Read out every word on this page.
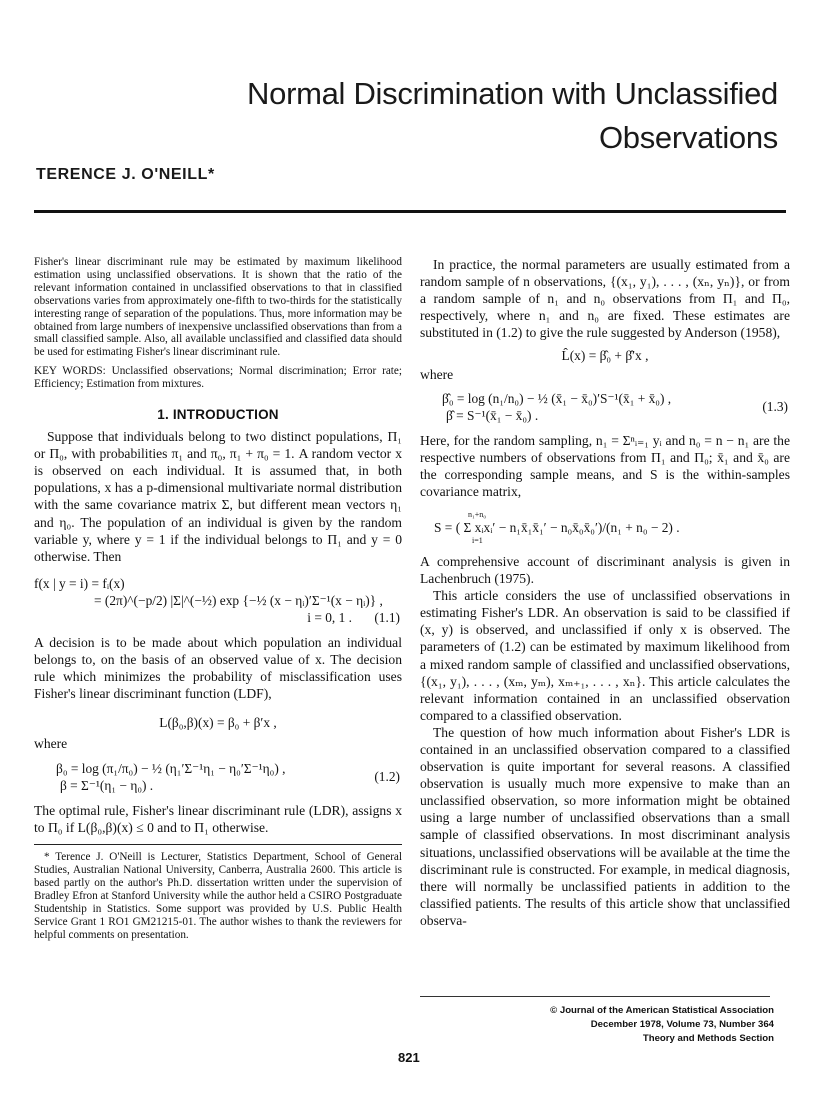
Normal Discrimination with Unclassified
Observations
TERENCE J. O'NEILL*

Fisher's linear discriminant rule may be estimated by maximum likelihood estimation using unclassified observations. It is shown that the ratio of the relevant information contained in unclassified observations to that in classified observations varies from approximately one-fifth to two-thirds for the statistically interesting range of separation of the populations. Thus, more information may be obtained from large numbers of inexpensive unclassified observations than from a small classified sample. Also, all available unclassified and classified data should be used for estimating Fisher's linear discriminant rule.

KEY WORDS: Unclassified observations; Normal discrimination; Error rate; Efficiency; Estimation from mixtures.

1. INTRODUCTION

Suppose that individuals belong to two distinct populations, Π₁ or Π₀, with probabilities π₁ and π₀, π₁ + π₀ = 1. A random vector x is observed on each individual. It is assumed that, in both populations, x has a p-dimensional multivariate normal distribution with the same covariance matrix Σ, but different mean vectors η₁ and η₀. The population of an individual is given by the random variable y, where y = 1 if the individual belongs to Π₁ and y = 0 otherwise. Then

f(x | y = i) = fᵢ(x)
= (2π)^(−p/2) |Σ|^(−½) exp {−½ (x − ηᵢ)′Σ⁻¹(x − ηᵢ)} ,
i = 0, 1 .	(1.1)

A decision is to be made about which population an individual belongs to, on the basis of an observed value of x. The decision rule which minimizes the probability of misclassification uses Fisher's linear discriminant function (LDF),

L(β₀,β)(x) = β₀ + β′x ,
where
β₀ = log (π₁/π₀) − ½ (η₁′Σ⁻¹η₁ − η₀′Σ⁻¹η₀) ,
β = Σ⁻¹(η₁ − η₀) .
(1.2)

The optimal rule, Fisher's linear discriminant rule (LDR), assigns x to Π₀ if L(β₀,β)(x) ≤ 0 and to Π₁ otherwise.

* Terence J. O'Neill is Lecturer, Statistics Department, School of General Studies, Australian National University, Canberra, Australia 2600. This article is based partly on the author's Ph.D. dissertation written under the supervision of Bradley Efron at Stanford University while the author held a CSIRO Postgraduate Studentship in Statistics. Some support was provided by U.S. Public Health Service Grant 1 RO1 GM21215-01. The author wishes to thank the reviewers for helpful comments on presentation.

In practice, the normal parameters are usually estimated from a random sample of n observations, {(x₁, y₁), . . . , (xₙ, yₙ)}, or from a random sample of n₁ and n₀ observations from Π₁ and Π₀, respectively, where n₁ and n₀ are fixed. These estimates are substituted in (1.2) to give the rule suggested by Anderson (1958),

L̂(x) = β̂₀ + β̂′x ,
where
β̂₀ = log (n₁/n₀) − ½ (x̄₁ − x̄₀)′S⁻¹(x̄₁ + x̄₀) ,
β̂ = S⁻¹(x̄₁ − x̄₀) .
(1.3)

Here, for the random sampling, n₁ = Σⁿᵢ₌₁ yᵢ and n₀ = n − n₁ are the respective numbers of observations from Π₁ and Π₀; x̄₁ and x̄₀ are the corresponding sample means, and S is the within-samples covariance matrix,

n₁+n₀
S = ( Σ xᵢxᵢ′ − n₁x̄₁x̄₁′ − n₀x̄₀x̄₀′)/(n₁ + n₀ − 2) .
i=1

A comprehensive account of discriminant analysis is given in Lachenbruch (1975).

This article considers the use of unclassified observations in estimating Fisher's LDR. An observation is said to be classified if (x, y) is observed, and unclassified if only x is observed. The parameters of (1.2) can be estimated by maximum likelihood from a mixed random sample of classified and unclassified observations, {(x₁, y₁), . . . , (xₘ, yₘ), xₘ₊₁, . . . , xₙ}. This article calculates the relevant information contained in an unclassified observation compared to a classified observation.

The question of how much information about Fisher's LDR is contained in an unclassified observation compared to a classified observation is quite important for several reasons. A classified observation is usually much more expensive to make than an unclassified observation, so more information might be obtained using a large number of unclassified observations than a small sample of classified observations. In most discriminant analysis situations, unclassified observations will be available at the time the discriminant rule is constructed. For example, in medical diagnosis, there will normally be unclassified patients in addition to the classified patients. The results of this article show that unclassified observa-

© Journal of the American Statistical Association
December 1978, Volume 73, Number 364
Theory and Methods Section
821
